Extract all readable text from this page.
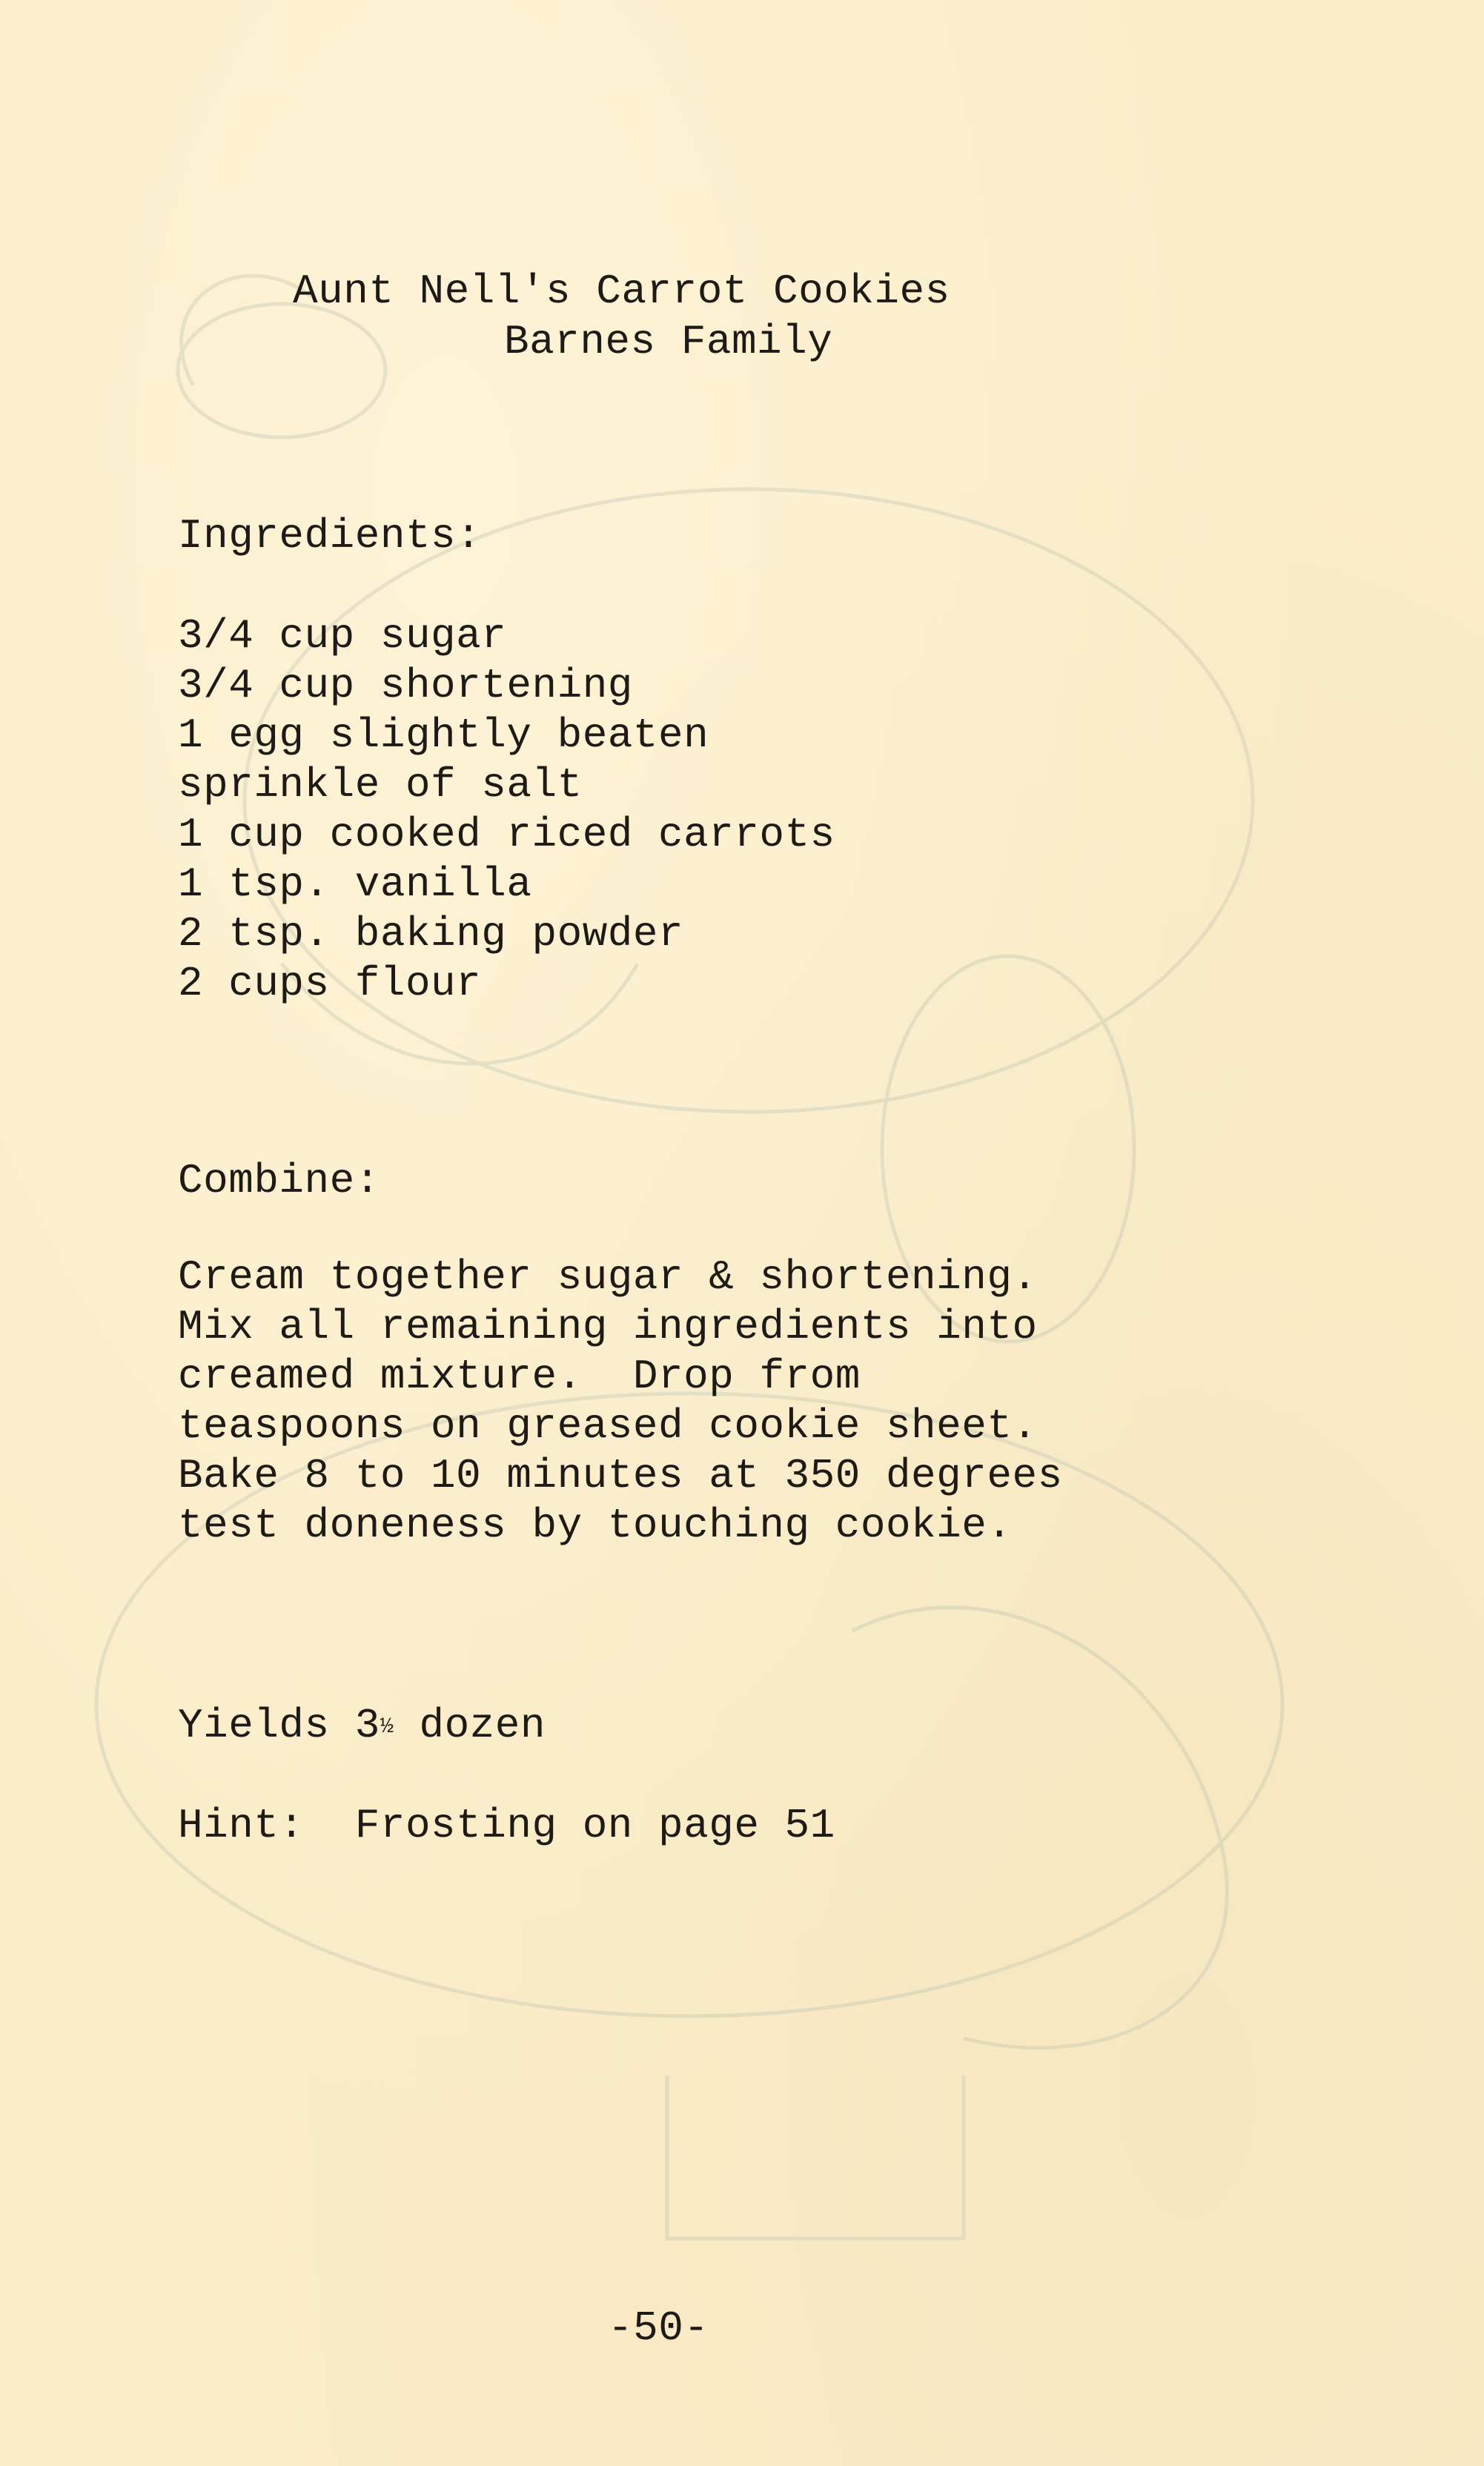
Aunt Nell's Carrot Cookies
Barnes Family
Ingredients:
3/4 cup sugar
3/4 cup shortening
1 egg slightly beaten
sprinkle of salt
1 cup cooked riced carrots
1 tsp. vanilla
2 tsp. baking powder
2 cups flour
Combine:
Cream together sugar & shortening.
Mix all remaining ingredients into
creamed mixture.  Drop from
teaspoons on greased cookie sheet.
Bake 8 to 10 minutes at 350 degrees
test doneness by touching cookie.
Yields 3½ dozen
Hint:  Frosting on page 51
-50-
